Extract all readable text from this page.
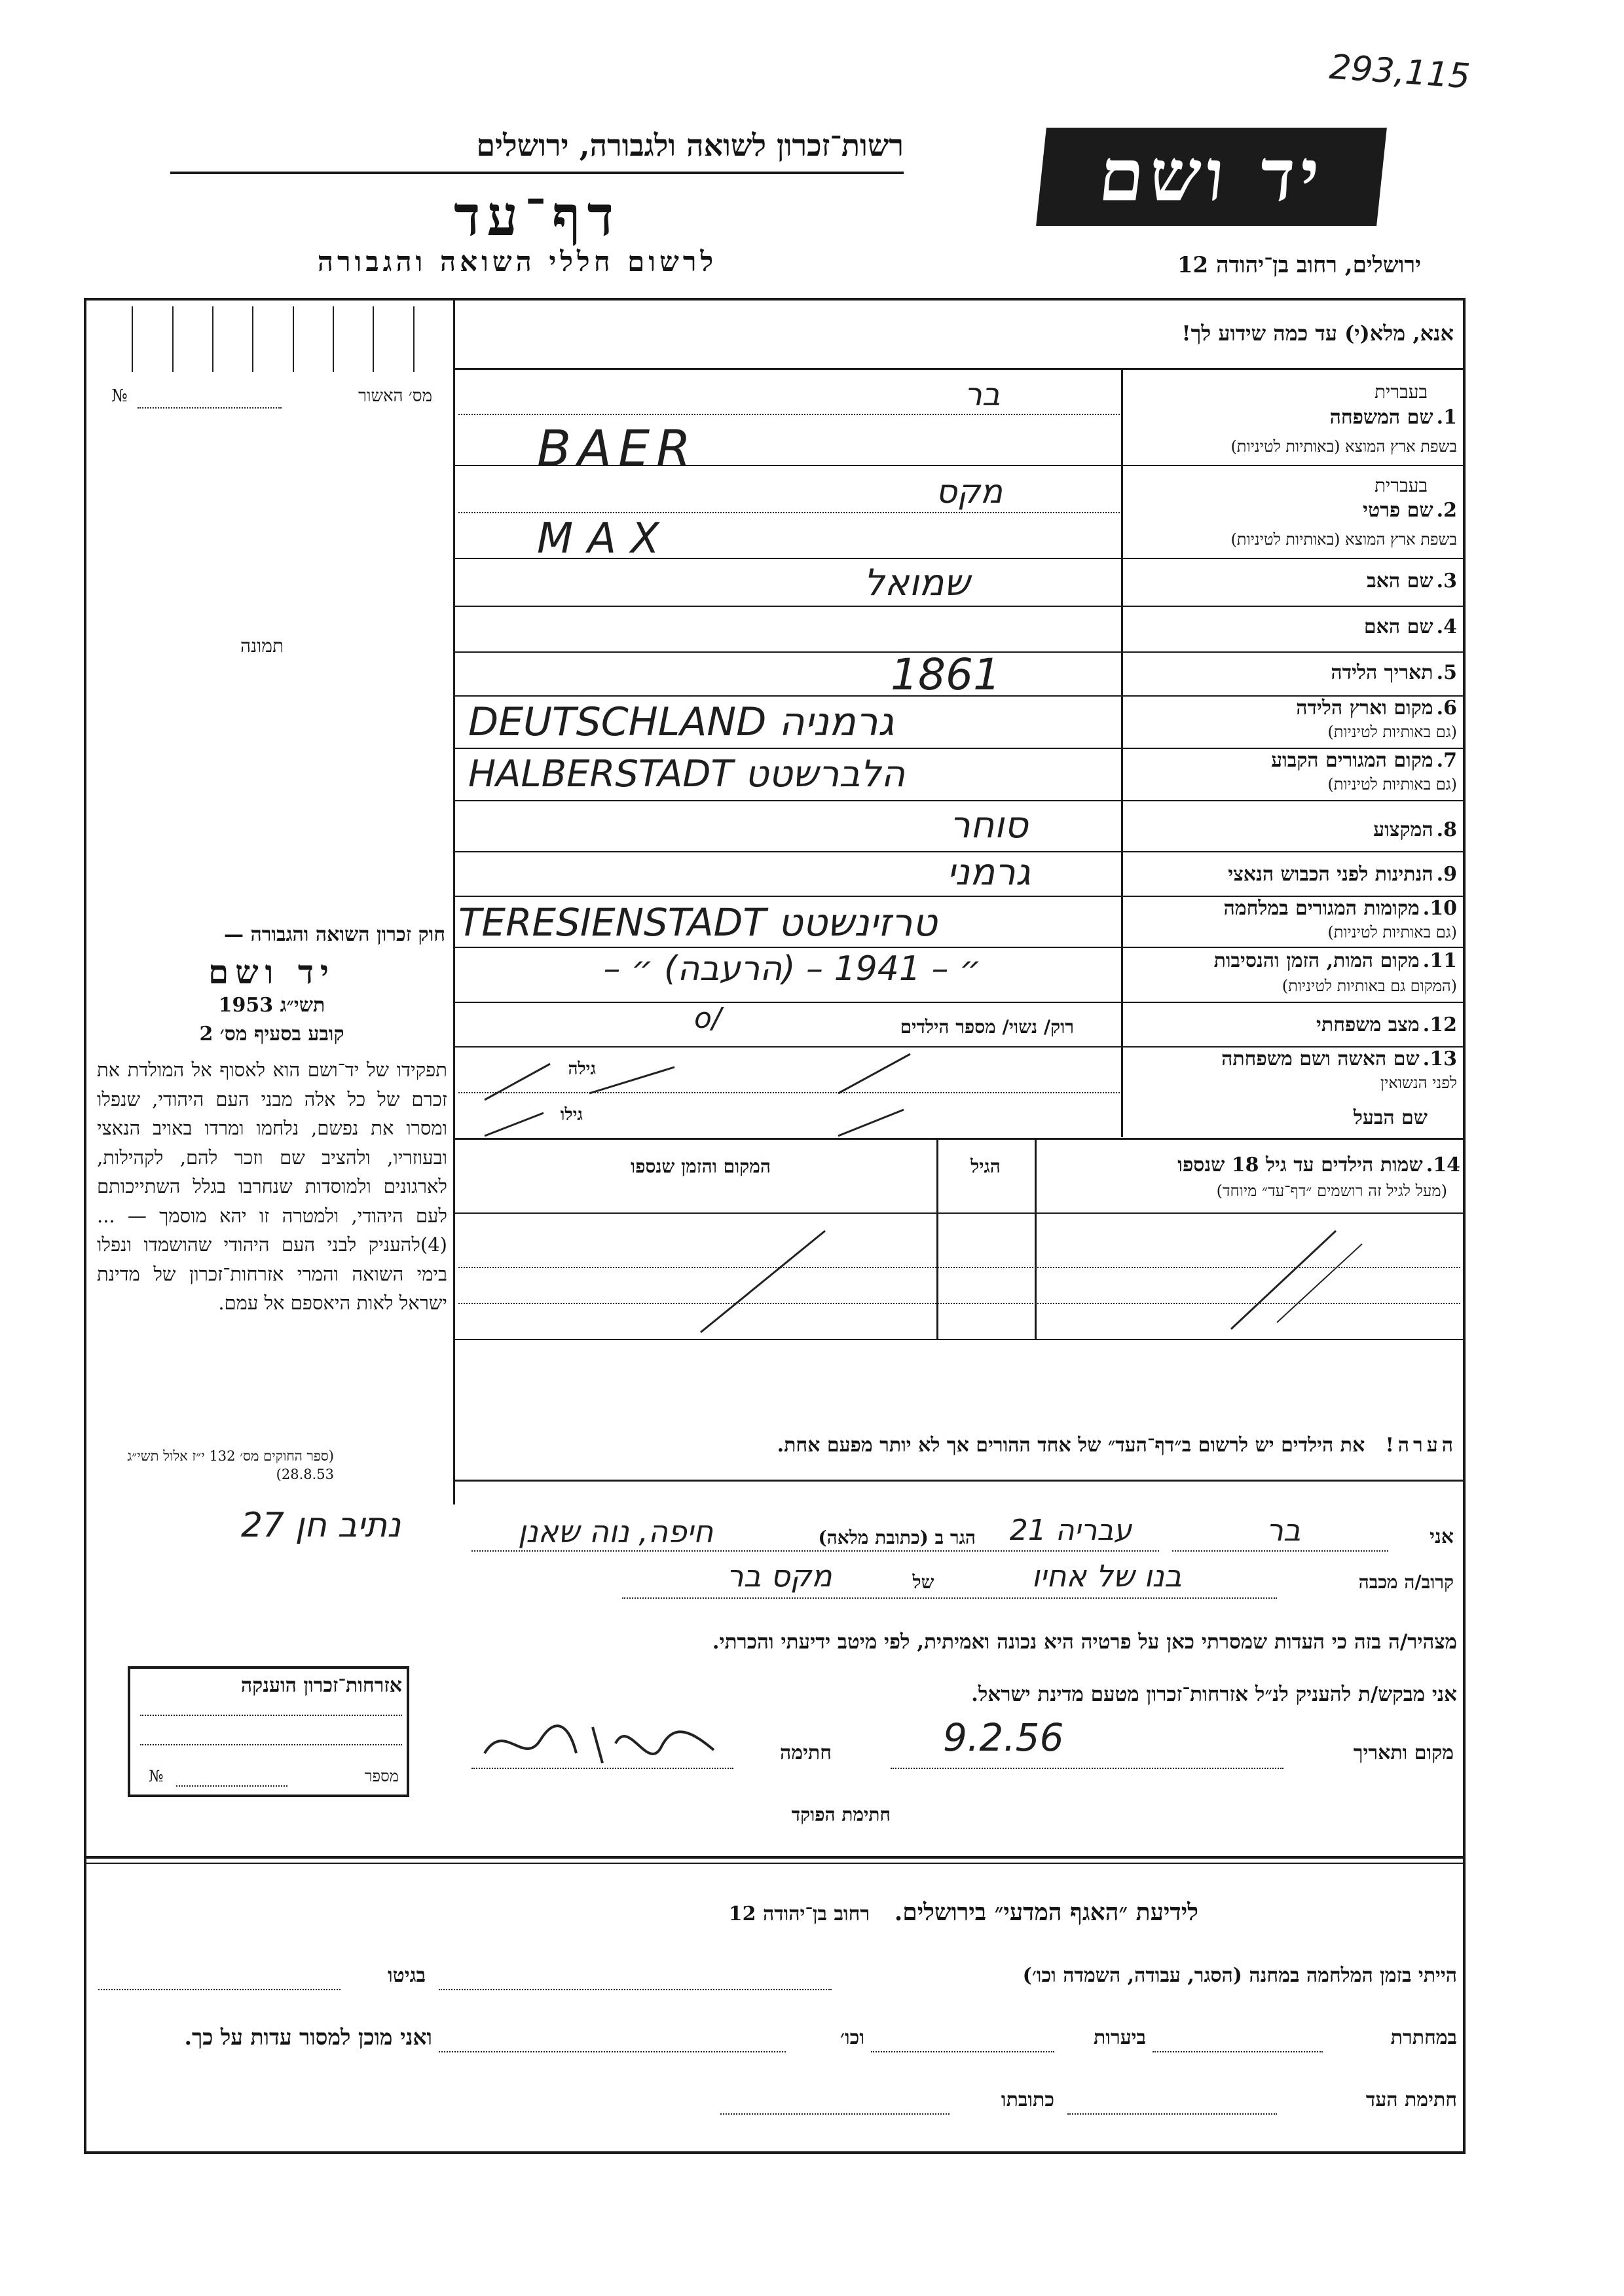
293,115
רשות־זכרון לשואה ולגבורה, ירושלים
דף־עד
לרשום חללי השואה והגבורה
יד ושם
ירושלים, רחוב בן־יהודה 12
אנא, מלא(י) עד כמה שידוע לך!
מס׳ האשור
№
תמונה
1. שם המשפחה
בעברית
בשפת ארץ המוצא (באותיות לטיניות)
בר
BAER
בעברית
2. שם פרטי
בשפת ארץ המוצא (באותיות לטיניות)
מקס
MAX
3. שם האב
שמואל
4. שם האם
5. תאריך הלידה
1861
6. מקום וארץ הלידה
(גם באותיות לטיניות)
DEUTSCHLAND גרמניה
7. מקום המגורים הקבוע
(גם באותיות לטיניות)
HALBERSTADT הלברשטט
8. המקצוע
סוחר
9. הנתינות לפני הכבוש הנאצי
גרמני
10. מקומות המגורים במלחמה
(גם באותיות לטיניות)
TERESIENSTADT טרזינשטט
11. מקום המות, הזמן והנסיבות
(המקום גם באותיות לטיניות)
״ – 1941 – (הרעבה) ״ –
12. מצב משפחתי
רוק/ נשוי/ מספר הילדים
o/
13. שם האשה ושם משפחתה
לפני הנשואין
גילה
שם הבעל
גילו
14. שמות הילדים עד גיל 18 שנספו
(מעל לגיל זה רושמים ״דף־עד״ מיוחד)
הגיל
המקום והזמן שנספו
חוק זכרון השואה והגבורה —
יד ושם
תשי״ג 1953
קובע בסעיף מס׳ 2
תפקידו של יד־ושם הוא לאסוף אל המולדת את זכרם של כל אלה מבני העם היהודי, שנפלו ומסרו את נפשם, נלחמו ומרדו באויב הנאצי ובעוזריו, ולהציב שם וזכר להם, לקהילות, לארגונים ולמוסדות שנחרבו בגלל השתייכותם לעם היהודי, ולמטרה זו יהא מוסמך — ...(4)להעניק לבני העם היהודי שהושמדו ונפלו בימי השואה והמרי אזרחות־זכרון של מדינת ישראל לאות היאספם אל עמם.
(ספר החוקים מס׳ 132 י״ז אלול תשי״ג 28.8.53)
הערה!   את הילדים יש לרשום ב״דף־העד״ של אחד ההורים אך לא יותר מפעם אחת.
נתיב חן 27	אני
בר
עבריה 21
הגר ב (כתובת מלאה)
חיפה, נוה שאנן
קרוב/ה מכבה
בנו של אחיו
של
מקס בר
מצהיר/ה בזה כי העדות שמסרתי כאן על פרטיה היא נכונה ואמיתית, לפי מיטב ידיעתי והכרתי.
אני מבקש/ת להעניק לנ״ל אזרחות־זכרון מטעם מדינת ישראל.
מקום ותאריך
9.2.56
חתימה
חתימת הפוקד
אזרחות־זכרון הוענקה
מספר
№
לידיעת ״האגף המדעי״ בירושלים.   רחוב בן־יהודה 12
הייתי בזמן המלחמה במחנה (הסגר, עבודה, השמדה וכו׳)
בגיטו
במחתרת
ביערות
וכו׳
ואני מוכן למסור עדות על כך.
חתימת העד
כתובתו
